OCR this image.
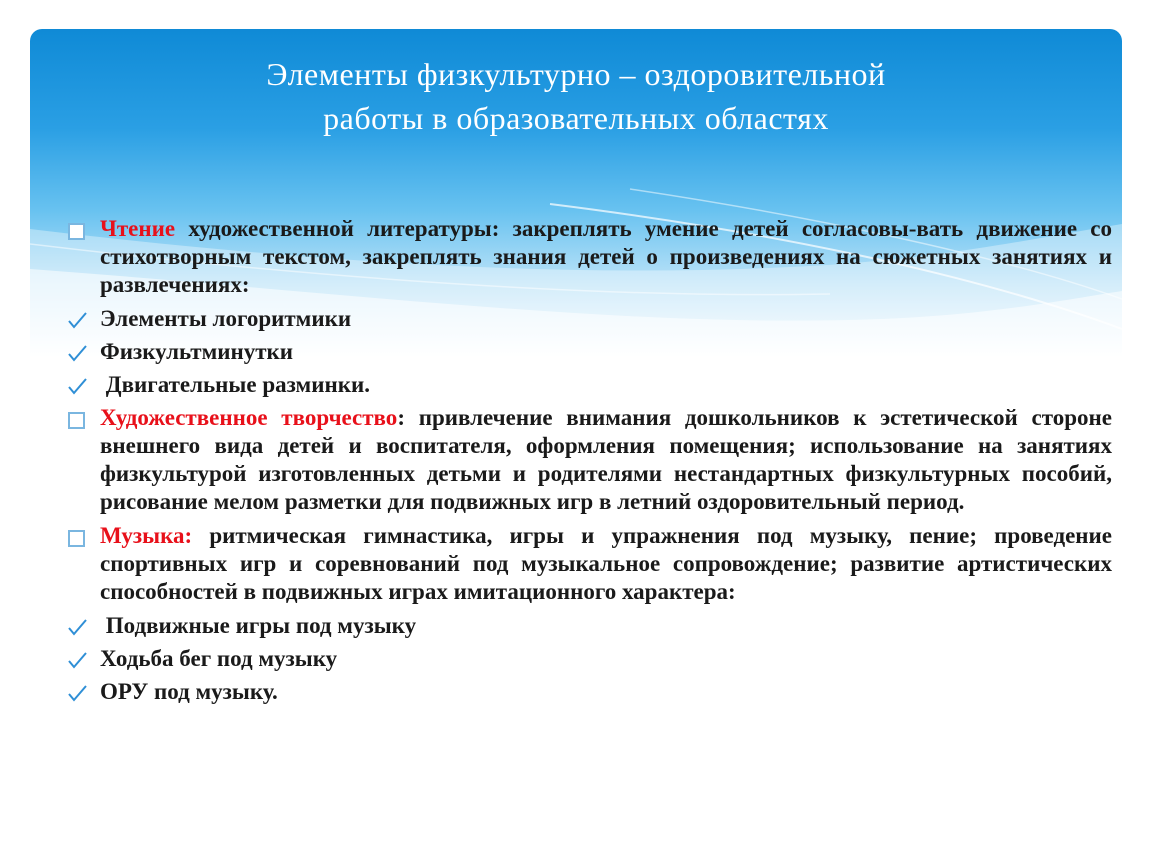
Элементы физкультурно – оздоровительной
работы в образовательных областях
Чтение художественной литературы: закреплять умение детей согласовы-вать движение со стихотворным текстом, закреплять знания детей о произведениях на сюжетных занятиях и развлечениях:
Элементы логоритмики
Физкультминутки
Двигательные разминки.
Художественное творчество: привлечение внимания дошкольников к эстетической стороне внешнего вида детей и воспитателя, оформления помещения; использование на занятиях физкультурой изготовленных детьми и родителями нестандартных физкультурных пособий, рисование мелом разметки для подвижных игр в летний оздоровительный период.
Музыка: ритмическая гимнастика, игры и упражнения под музыку, пение; проведение спортивных игр и соревнований под музыкальное сопровождение; развитие артистических способностей в подвижных играх имитационного характера:
Подвижные игры под музыку
Ходьба бег под музыку
ОРУ под музыку.
